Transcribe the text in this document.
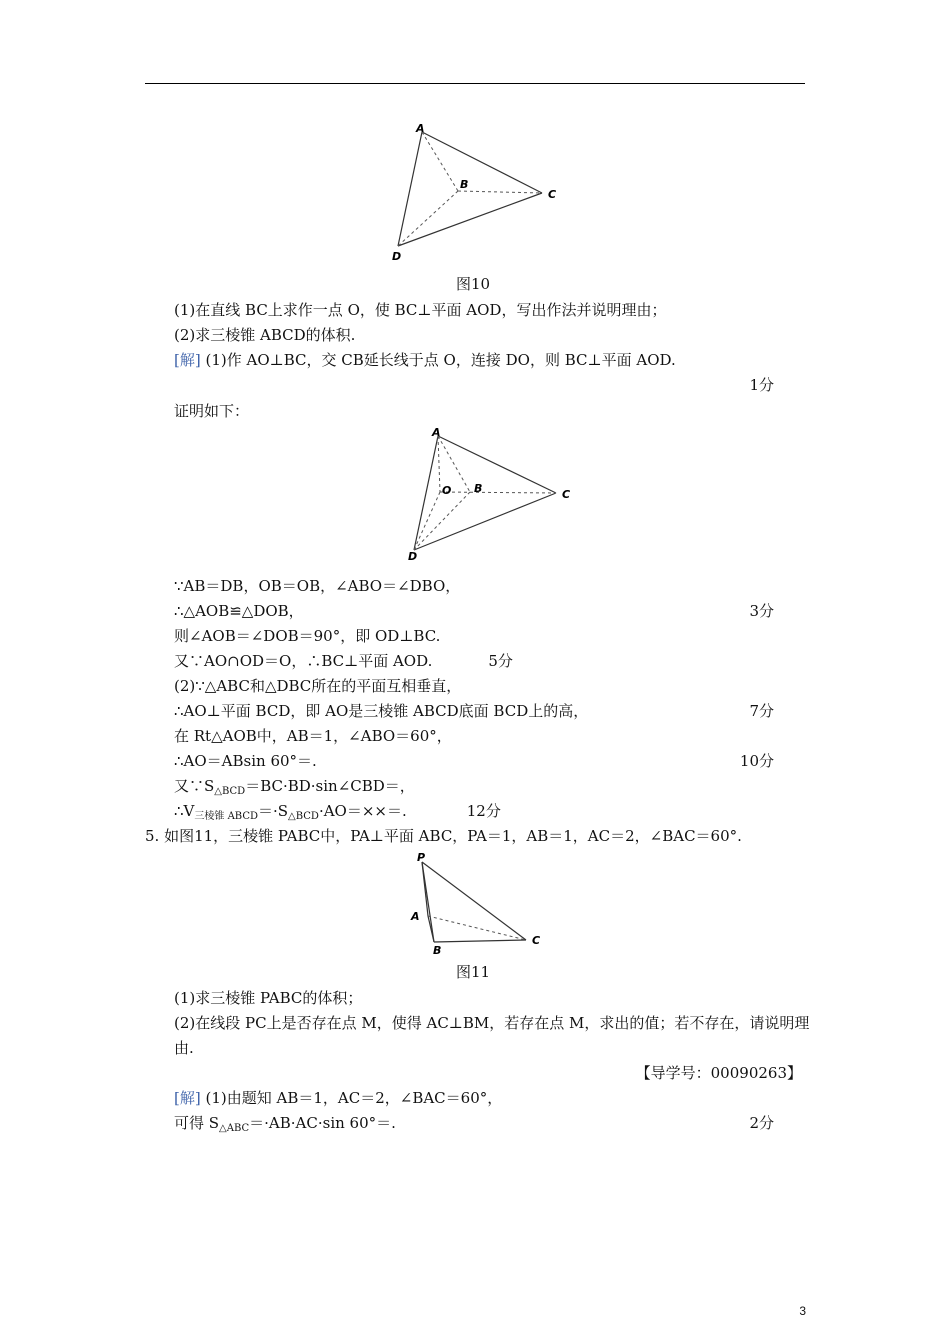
A
B
C
D
图10
(1)在直线 BC上求作一点 O，使 BC⊥平面 AOD，写出作法并说明理由；
(2)求三棱锥 ABCD的体积.
[解] (1)作 AO⊥BC，交 CB延长线于点 O，连接 DO，则 BC⊥平面 AOD.
1分
证明如下：
A
O B	C
D
∵AB＝DB，OB＝OB，∠ABO＝∠DBO，
∴△AOB≌△DOB，	3分
则∠AOB＝∠DOB＝90°，即 OD⊥BC.
又∵AO∩OD＝O，∴BC⊥平面 AOD.	5分
(2)∵△ABC和△DBC所在的平面互相垂直，
∴AO⊥平面 BCD，即 AO是三棱锥 ABCD底面 BCD上的高，	7分
在 Rt△AOB中，AB＝1，∠ABO＝60°，
∴AO＝ABsin 60°＝.	10分
又$\because S_{\triangle BCD}=BC\cdot BD\cdot\sin\angle CBD=$，
$\therefore V_{三棱锥 ABCD}=\cdot S_{\triangle BCD}\cdot AO=\times\times=$.	12分
5. 如图11，三棱锥 PABC中，PA⊥平面 ABC，PA＝1，AB＝1，AC＝2，∠BAC＝60°.
P
A
B
C
图11
(1)求三棱锥 PABC的体积；
(2)在线段 PC上是否存在点 M，使得 AC⊥BM，若存在点 M，求出的值；若不存在，请说明理
由.
【导学号：00090263】
[解] (1)由题知 AB＝1，AC＝2，∠BAC＝60°，
可得 $S_{\triangle ABC}=\cdot AB\cdot AC\cdot\sin$ 60°＝.	2分
3
